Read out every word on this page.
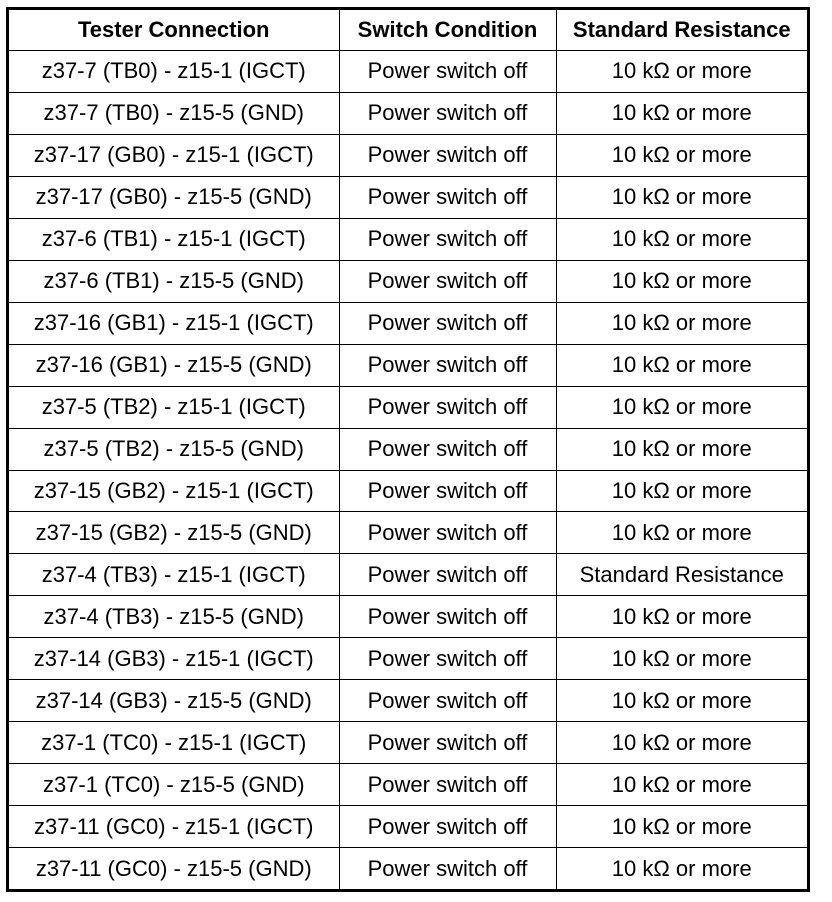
Tester Connection	Switch Condition	Standard Resistance
z37-7 (TB0) - z15-1 (IGCT)	Power switch off	10 kΩ or more
z37-7 (TB0) - z15-5 (GND)	Power switch off	10 kΩ or more
z37-17 (GB0) - z15-1 (IGCT)	Power switch off	10 kΩ or more
z37-17 (GB0) - z15-5 (GND)	Power switch off	10 kΩ or more
z37-6 (TB1) - z15-1 (IGCT)	Power switch off	10 kΩ or more
z37-6 (TB1) - z15-5 (GND)	Power switch off	10 kΩ or more
z37-16 (GB1) - z15-1 (IGCT)	Power switch off	10 kΩ or more
z37-16 (GB1) - z15-5 (GND)	Power switch off	10 kΩ or more
z37-5 (TB2) - z15-1 (IGCT)	Power switch off	10 kΩ or more
z37-5 (TB2) - z15-5 (GND)	Power switch off	10 kΩ or more
z37-15 (GB2) - z15-1 (IGCT)	Power switch off	10 kΩ or more
z37-15 (GB2) - z15-5 (GND)	Power switch off	10 kΩ or more
z37-4 (TB3) - z15-1 (IGCT)	Power switch off	Standard Resistance
z37-4 (TB3) - z15-5 (GND)	Power switch off	10 kΩ or more
z37-14 (GB3) - z15-1 (IGCT)	Power switch off	10 kΩ or more
z37-14 (GB3) - z15-5 (GND)	Power switch off	10 kΩ or more
z37-1 (TC0) - z15-1 (IGCT)	Power switch off	10 kΩ or more
z37-1 (TC0) - z15-5 (GND)	Power switch off	10 kΩ or more
z37-11 (GC0) - z15-1 (IGCT)	Power switch off	10 kΩ or more
z37-11 (GC0) - z15-5 (GND)	Power switch off	10 kΩ or more
